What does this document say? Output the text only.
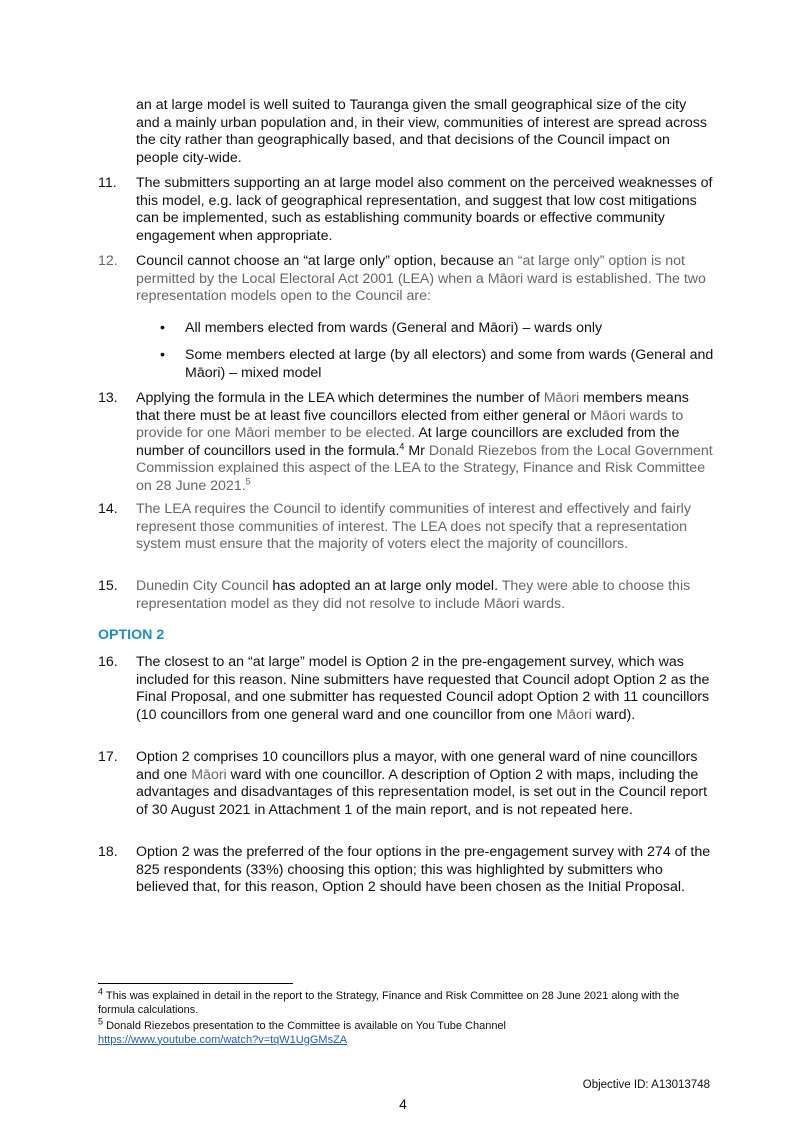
an at large model is well suited to Tauranga given the small geographical size of the city and a mainly urban population and, in their view, communities of interest are spread across the city rather than geographically based, and that decisions of the Council impact on people city-wide.
11.	The submitters supporting an at large model also comment on the perceived weaknesses of this model, e.g. lack of geographical representation, and suggest that low cost mitigations can be implemented, such as establishing community boards or effective community engagement when appropriate.
12.	Council cannot choose an “at large only” option, because an “at large only” option is not permitted by the Local Electoral Act 2001 (LEA) when a Māori ward is established. The two representation models open to the Council are:
• All members elected from wards (General and Māori) – wards only
• Some members elected at large (by all electors) and some from wards (General and Māori) – mixed model
13.	Applying the formula in the LEA which determines the number of Māori members means that there must be at least five councillors elected from either general or Māori wards to provide for one Māori member to be elected. At large councillors are excluded from the number of councillors used in the formula.$^4$ Mr Donald Riezebos from the Local Government Commission explained this aspect of the LEA to the Strategy, Finance and Risk Committee on 28 June 2021.$^5$
14.	The LEA requires the Council to identify communities of interest and effectively and fairly represent those communities of interest. The LEA does not specify that a representation system must ensure that the majority of voters elect the majority of councillors.
15.	Dunedin City Council has adopted an at large only model. They were able to choose this representation model as they did not resolve to include Māori wards.
OPTION 2
16.	The closest to an “at large” model is Option 2 in the pre-engagement survey, which was included for this reason. Nine submitters have requested that Council adopt Option 2 as the Final Proposal, and one submitter has requested Council adopt Option 2 with 11 councillors (10 councillors from one general ward and one councillor from one Māori ward).
17.	Option 2 comprises 10 councillors plus a mayor, with one general ward of nine councillors and one Māori ward with one councillor. A description of Option 2 with maps, including the advantages and disadvantages of this representation model, is set out in the Council report of 30 August 2021 in Attachment 1 of the main report, and is not repeated here.
18.	Option 2 was the preferred of the four options in the pre-engagement survey with 274 of the 825 respondents (33%) choosing this option; this was highlighted by submitters who believed that, for this reason, Option 2 should have been chosen as the Initial Proposal.
$^4$ This was explained in detail in the report to the Strategy, Finance and Risk Committee on 28 June 2021 along with the formula calculations.
$^5$ Donald Riezebos presentation to the Committee is available on You Tube Channel
https://www.youtube.com/watch?v=tqW1UgGMsZA
Objective ID: A13013748
4
